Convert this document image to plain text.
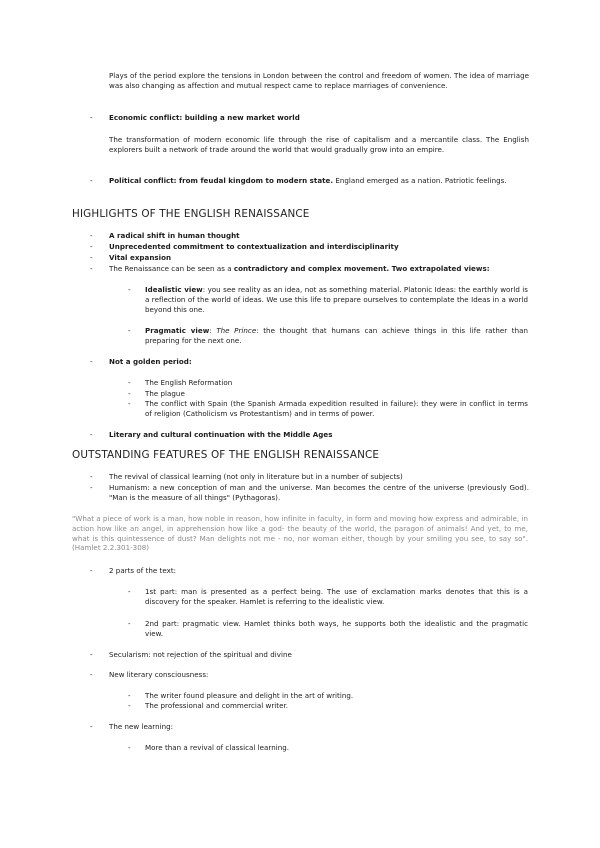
Plays of the period explore the tensions in London between the control and freedom of women. The idea of marriage was also changing as affection and mutual respect came to replace marriages of convenience.
- Economic conflict: building a new market world
The transformation of modern economic life through the rise of capitalism and a mercantile class. The English explorers built a network of trade around the world that would gradually grow into an empire.
- Political conflict: from feudal kingdom to modern state. England emerged as a nation. Patriotic feelings.
HIGHLIGHTS OF THE ENGLISH RENAISSANCE
- A radical shift in human thought
- Unprecedented commitment to contextualization and interdisciplinarity
- Vital expansion
- The Renaissance can be seen as a contradictory and complex movement. Two extrapolated views:
- Idealistic view: you see reality as an idea, not as something material. Platonic Ideas: the earthly world is a reflection of the world of ideas. We use this life to prepare ourselves to contemplate the Ideas in a world beyond this one.
- Pragmatic view: The Prince: the thought that humans can achieve things in this life rather than preparing for the next one.
- Not a golden period:
- The English Reformation
- The plague
- The conflict with Spain (the Spanish Armada expedition resulted in failure): they were in conflict in terms of religion (Catholicism vs Protestantism) and in terms of power.
- Literary and cultural continuation with the Middle Ages
OUTSTANDING FEATURES OF THE ENGLISH RENAISSANCE
- The revival of classical learning (not only in literature but in a number of subjects)
- Humanism: a new conception of man and the universe. Man becomes the centre of the universe (previously God). "Man is the measure of all things" (Pythagoras).
"What a piece of work is a man, how noble in reason, how infinite in faculty, in form and moving how express and admirable, in action how like an angel, in apprehension how like a god- the beauty of the world, the paragon of animals! And yet, to me, what is this quintessence of dust? Man delights not me - no, nor woman either, though by your smiling you see, to say so". (Hamlet 2.2.301-308)
- 2 parts of the text:
- 1st part: man is presented as a perfect being. The use of exclamation marks denotes that this is a discovery for the speaker. Hamlet is referring to the idealistic view.
- 2nd part: pragmatic view. Hamlet thinks both ways, he supports both the idealistic and the pragmatic view.
- Secularism: not rejection of the spiritual and divine
- New literary consciousness:
- The writer found pleasure and delight in the art of writing.
- The professional and commercial writer.
- The new learning:
- More than a revival of classical learning.
